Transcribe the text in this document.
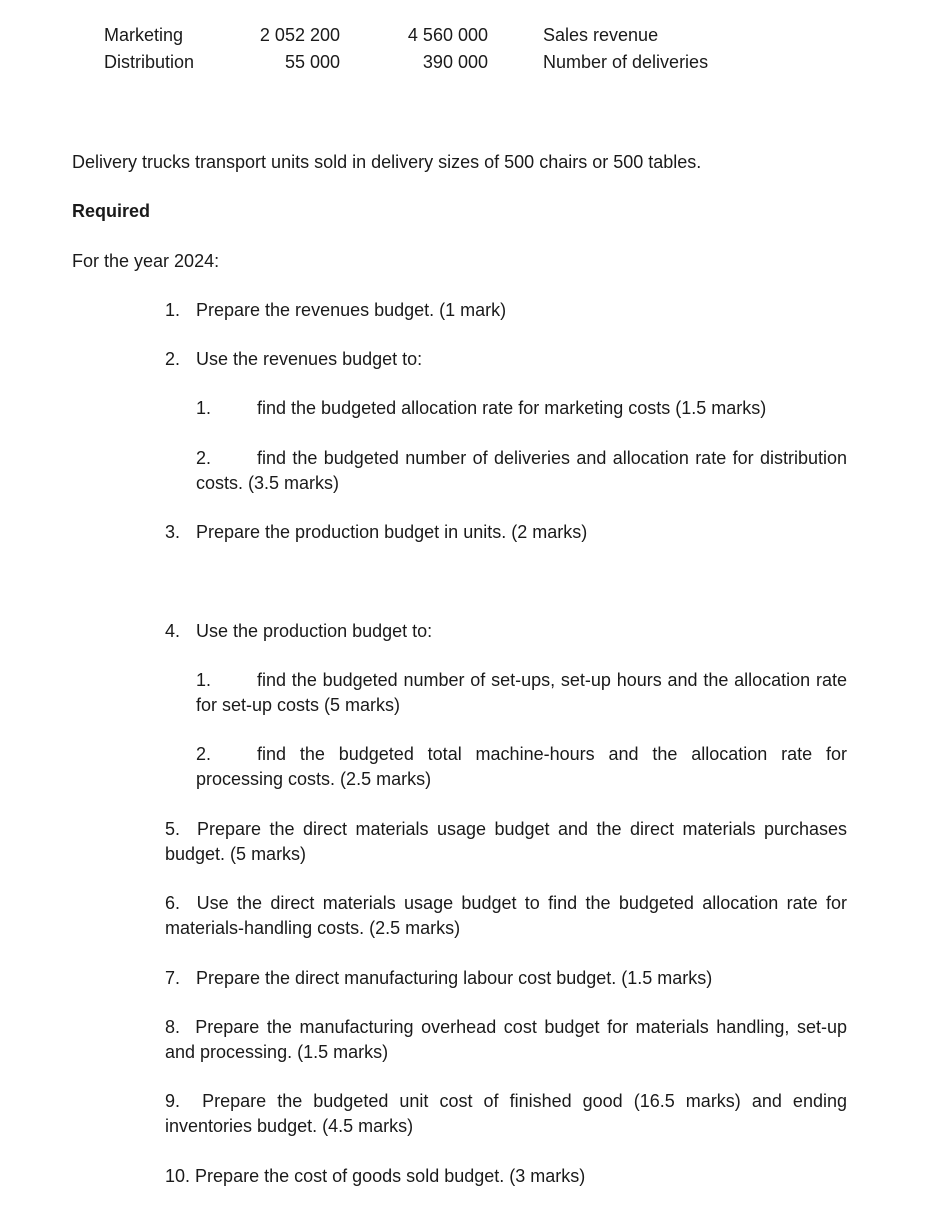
Marketing	2 052 200	4 560 000	Sales revenue
Distribution	55 000	390 000	Number of deliveries
Delivery trucks transport units sold in delivery sizes of 500 chairs or 500 tables.
Required
For the year 2024:
1. Prepare the revenues budget. (1 mark)
2. Use the revenues budget to:
1.	find the budgeted allocation rate for marketing costs (1.5 marks)
2.	find the budgeted number of deliveries and allocation rate for distribution costs. (3.5 marks)
3. Prepare the production budget in units. (2 marks)
4. Use the production budget to:
1.	find the budgeted number of set-ups, set-up hours and the allocation rate for set-up costs (5 marks)
2.	find the budgeted total machine-hours and the allocation rate for processing costs. (2.5 marks)
5. Prepare the direct materials usage budget and the direct materials purchases budget. (5 marks)
6. Use the direct materials usage budget to find the budgeted allocation rate for materials-handling costs. (2.5 marks)
7. Prepare the direct manufacturing labour cost budget. (1.5 marks)
8. Prepare the manufacturing overhead cost budget for materials handling, set-up and processing. (1.5 marks)
9. Prepare the budgeted unit cost of finished good (16.5 marks) and ending inventories budget. (4.5 marks)
10. Prepare the cost of goods sold budget. (3 marks)
